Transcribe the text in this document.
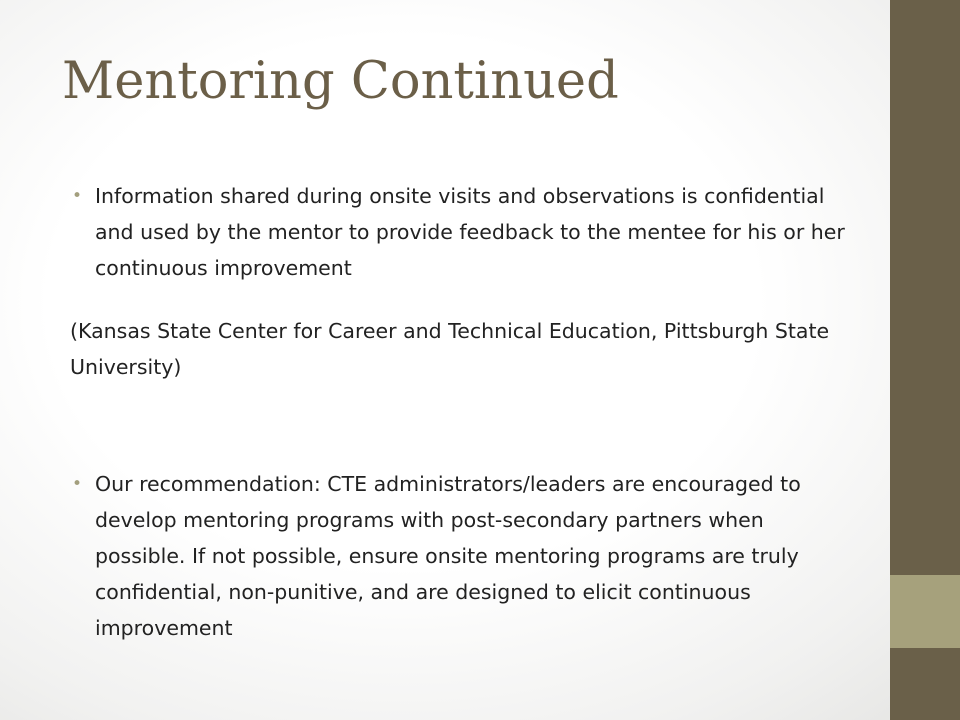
Mentoring Continued

• Information shared during onsite visits and observations is confidential and used by the mentor to provide feedback to the mentee for his or her continuous improvement

(Kansas State Center for Career and Technical Education, Pittsburgh State University)

• Our recommendation: CTE administrators/leaders are encouraged to develop mentoring programs with post-secondary partners when possible. If not possible, ensure onsite mentoring programs are truly confidential, non-punitive, and are designed to elicit continuous improvement
